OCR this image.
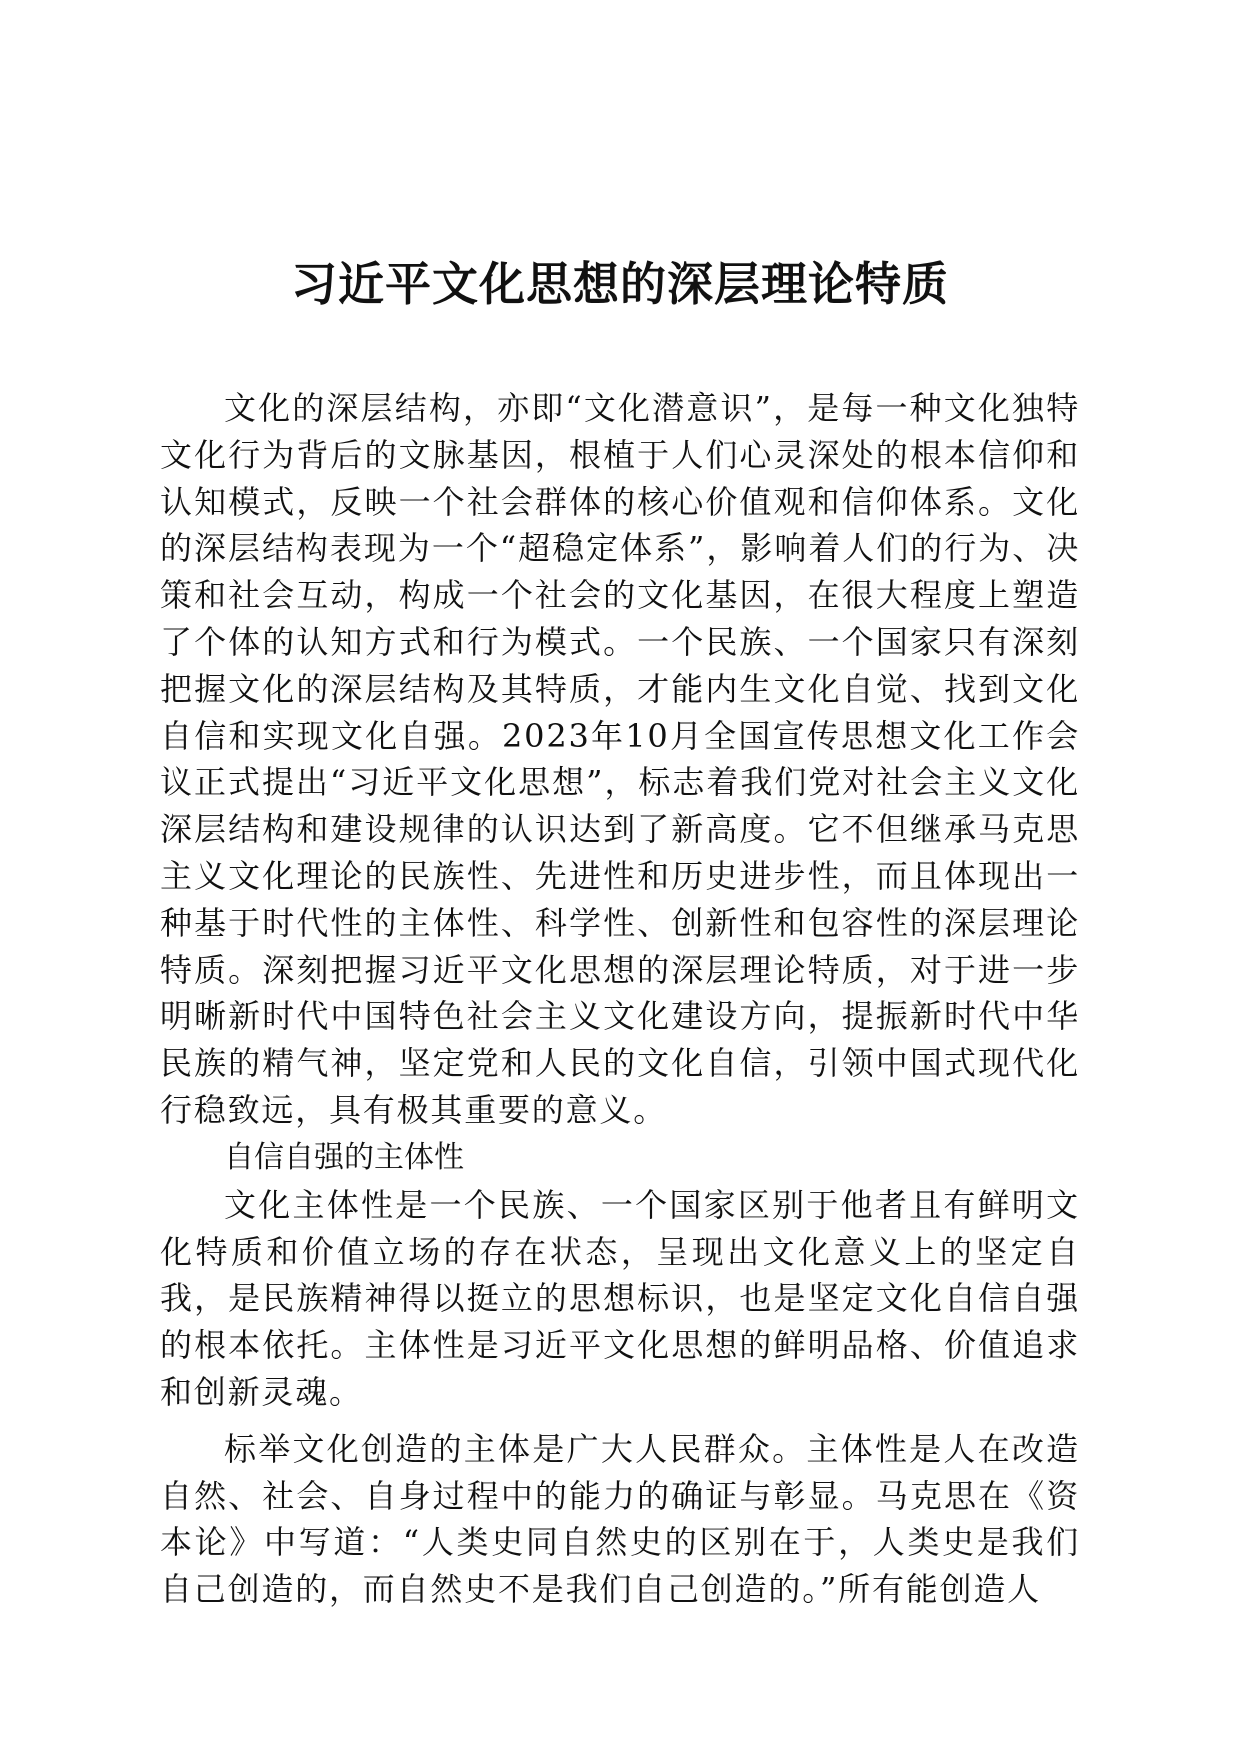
习近平文化思想的深层理论特质

文化的深层结构，亦即“文化潜意识”，是每一种文化独特文化行为背后的文脉基因，根植于人们心灵深处的根本信仰和认知模式，反映一个社会群体的核心价值观和信仰体系。文化的深层结构表现为一个“超稳定体系”，影响着人们的行为、决策和社会互动，构成一个社会的文化基因，在很大程度上塑造了个体的认知方式和行为模式。一个民族、一个国家只有深刻把握文化的深层结构及其特质，才能内生文化自觉、找到文化自信和实现文化自强。2023年10月全国宣传思想文化工作会议正式提出“习近平文化思想”，标志着我们党对社会主义文化深层结构和建设规律的认识达到了新高度。它不但继承马克思主义文化理论的民族性、先进性和历史进步性，而且体现出一种基于时代性的主体性、科学性、创新性和包容性的深层理论特质。深刻把握习近平文化思想的深层理论特质，对于进一步明晰新时代中国特色社会主义文化建设方向，提振新时代中华民族的精气神，坚定党和人民的文化自信，引领中国式现代化行稳致远，具有极其重要的意义。

自信自强的主体性

文化主体性是一个民族、一个国家区别于他者且有鲜明文化特质和价值立场的存在状态，呈现出文化意义上的坚定自我，是民族精神得以挺立的思想标识，也是坚定文化自信自强的根本依托。主体性是习近平文化思想的鲜明品格、价值追求和创新灵魂。

标举文化创造的主体是广大人民群众。主体性是人在改造自然、社会、自身过程中的能力的确证与彰显。马克思在《资本论》中写道：“人类史同自然史的区别在于，人类史是我们自己创造的，而自然史不是我们自己创造的。”所有能创造人
